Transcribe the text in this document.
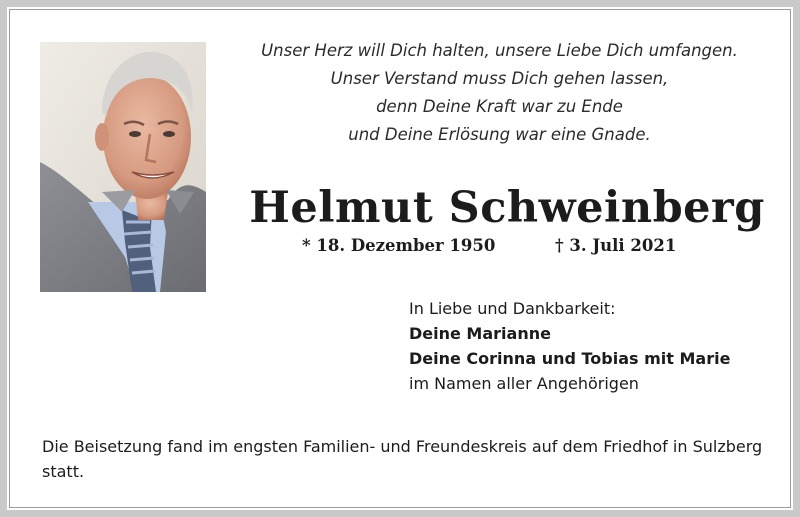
Unser Herz will Dich halten, unsere Liebe Dich umfangen.
Unser Verstand muss Dich gehen lassen,
denn Deine Kraft war zu Ende
und Deine Erlösung war eine Gnade.
Helmut Schweinberg
* 18. Dezember 1950	† 3. Juli 2021
In Liebe und Dankbarkeit:
Deine Marianne
Deine Corinna und Tobias mit Marie
im Namen aller Angehörigen
Die Beisetzung fand im engsten Familien- und Freundeskreis auf dem Friedhof in Sulzberg statt.
